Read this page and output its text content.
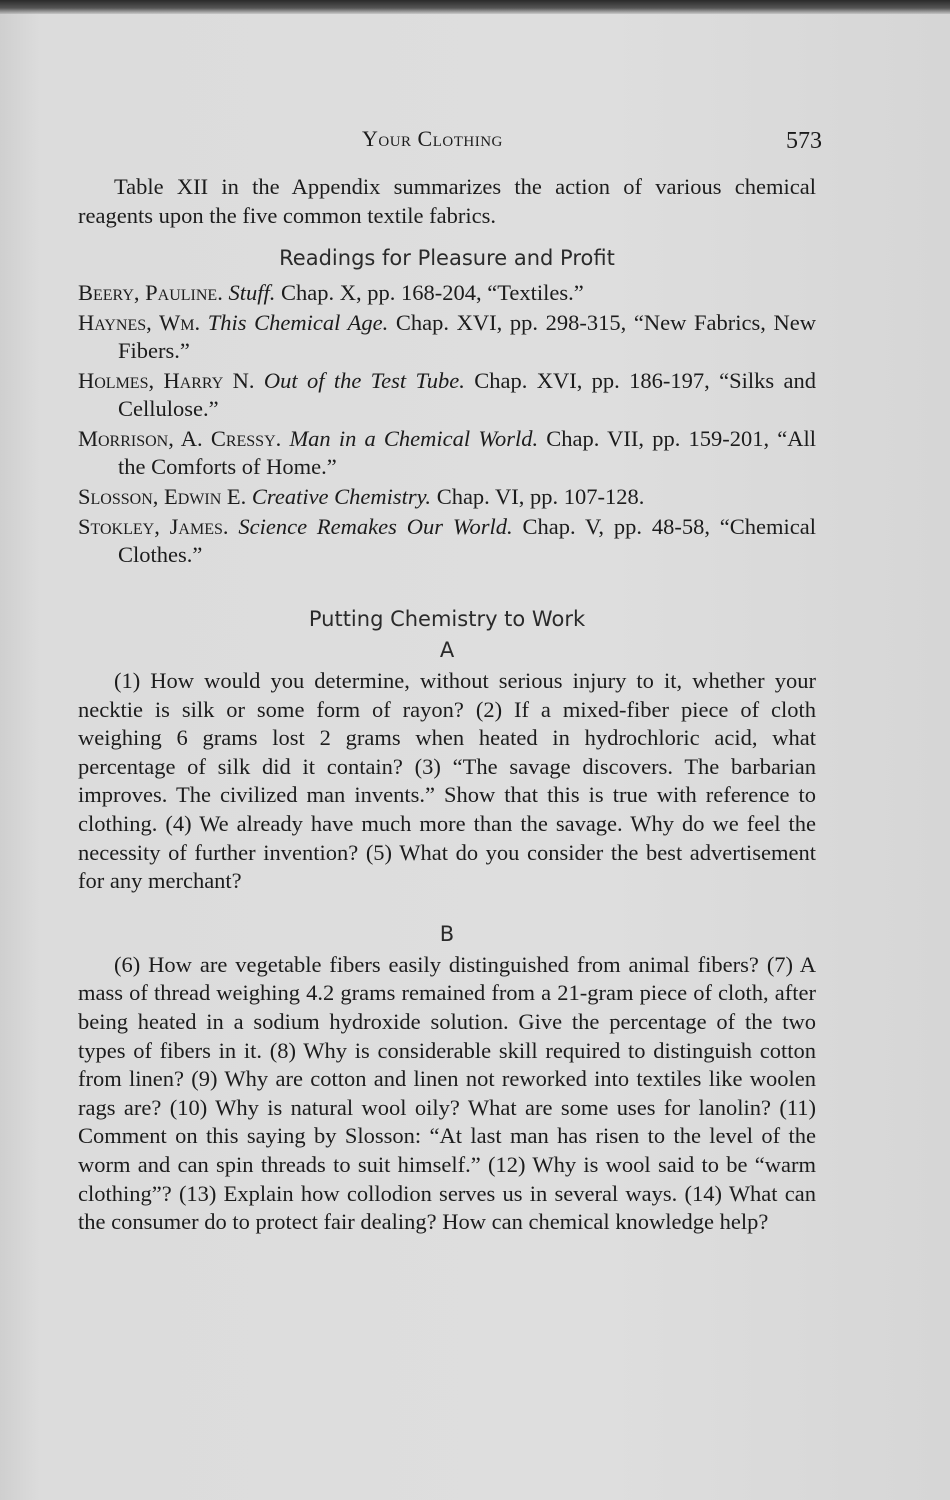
Your Clothing	573

Table XII in the Appendix summarizes the action of various chemical reagents upon the five common textile fabrics.

Readings for Pleasure and Profit
Beery, Pauline. Stuff. Chap. X, pp. 168-204, “Textiles.”
Haynes, Wm. This Chemical Age. Chap. XVI, pp. 298-315, “New Fabrics, New Fibers.”
Holmes, Harry N. Out of the Test Tube. Chap. XVI, pp. 186-197, “Silks and Cellulose.”
Morrison, A. Cressy. Man in a Chemical World. Chap. VII, pp. 159-201, “All the Comforts of Home.”
Slosson, Edwin E. Creative Chemistry. Chap. VI, pp. 107-128.
Stokley, James. Science Remakes Our World. Chap. V, pp. 48-58, “Chemical Clothes.”
Putting Chemistry to Work
A

(1) How would you determine, without serious injury to it, whether your necktie is silk or some form of rayon? (2) If a mixed-fiber piece of cloth weighing 6 grams lost 2 grams when heated in hydrochloric acid, what percentage of silk did it contain? (3) “The savage discovers. The barbarian improves. The civilized man invents.” Show that this is true with reference to clothing. (4) We already have much more than the savage. Why do we feel the necessity of further invention? (5) What do you consider the best advertisement for any merchant?

B

(6) How are vegetable fibers easily distinguished from animal fibers? (7) A mass of thread weighing 4.2 grams remained from a 21-gram piece of cloth, after being heated in a sodium hydroxide solution. Give the percentage of the two types of fibers in it. (8) Why is considerable skill required to distinguish cotton from linen? (9) Why are cotton and linen not reworked into textiles like woolen rags are? (10) Why is natural wool oily? What are some uses for lanolin? (11) Comment on this saying by Slosson: “At last man has risen to the level of the worm and can spin threads to suit himself.” (12) Why is wool said to be “warm clothing”? (13) Explain how collodion serves us in several ways. (14) What can the consumer do to protect fair dealing? How can chemical knowledge help?
